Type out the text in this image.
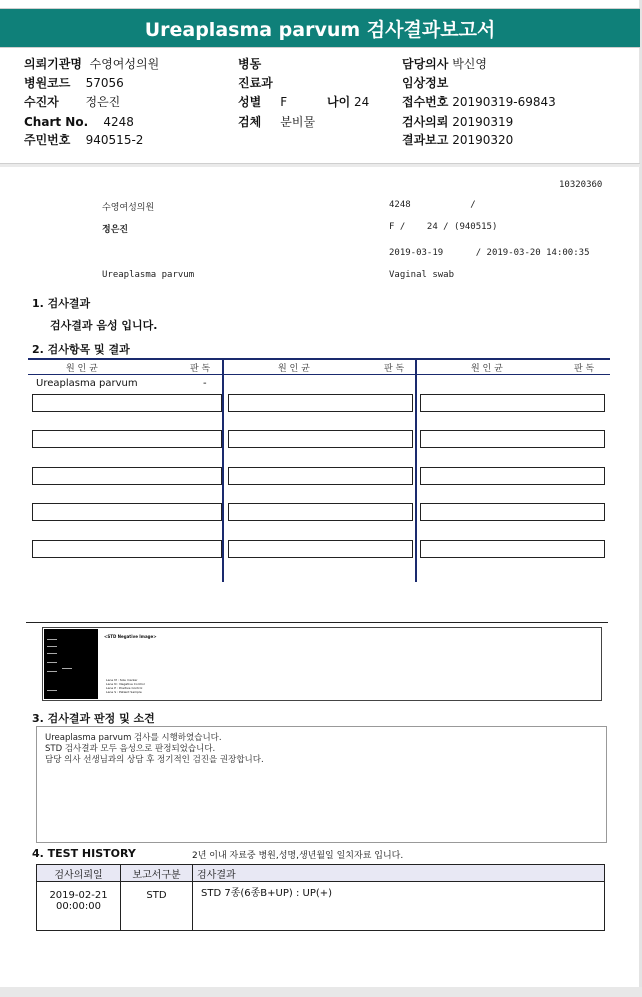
Ureaplasma parvum 검사결과보고서
의뢰기관명 수영여성의원
병원코드 57056
수진자 정은진
Chart No. 4248
주민번호 940515-2
병동
진료과
성별 F	나이 24
검체 분비물
담당의사 박신영
임상정보
접수번호 20190319-69843
검사의뢰 20190319
결과보고 20190320
10320360
수영여성의원	4248           /
정은진	F /    24 / (940515)
2019-03-19      / 2019-03-20 14:00:35
Ureaplasma parvum	Vaginal swab
1. 검사결과
검사결과 음성 입니다.
2. 검사항목 및 결과
원 인 균	판 독	원 인 균	판 독	원 인 균	판 독
Ureaplasma parvum	-
<STD Negative Image>
Lane M : Size marker
Lane N : Negative Control
Lane P : Positive Control
Lane S : Patient Sample
3. 검사결과 판정 및 소견
Ureaplasma parvum 검사를 시행하였습니다.
STD 검사결과 모두 음성으로 판정되었습니다.
담당 의사 선생님과의 상담 후 정기적인 검진을 권장합니다.
4. TEST HISTORY	2년 이내 자료중 병원,성명,생년월일 일치자료 입니다.
검사의뢰일	보고서구분	검사결과
2019-02-21
00:00:00	STD	STD 7종(6종B+UP) : UP(+)
